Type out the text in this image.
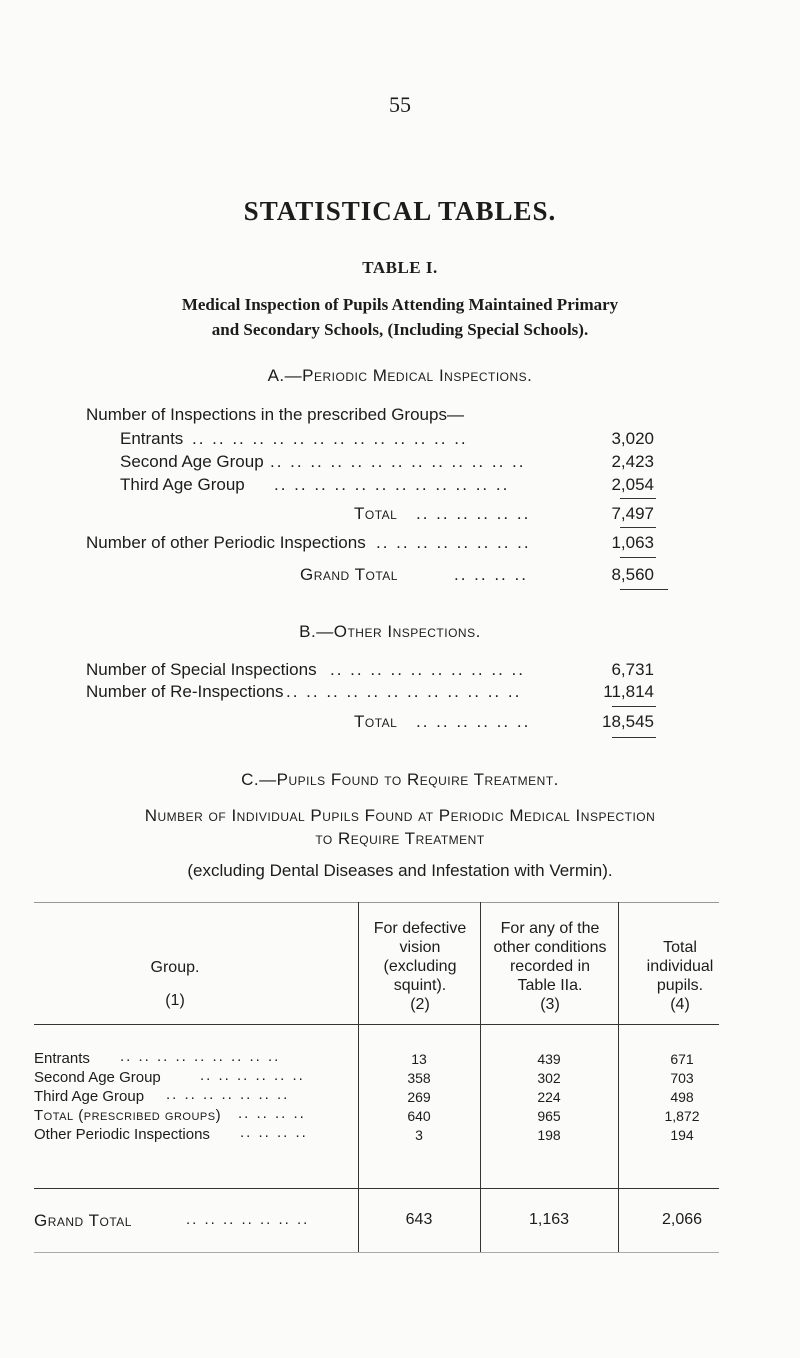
55
STATISTICAL TABLES.
TABLE I.
Medical Inspection of Pupils Attending Maintained Primary
and Secondary Schools, (Including Special Schools).
A.—Periodic Medical Inspections.
Number of Inspections in the prescribed Groups—
Entrants .. .. .. .. .. .. .. .. .. .. .. .. .. ..	3,020
Second Age Group .. .. .. .. .. .. .. .. .. .. .. .. ..	2,423
Third Age Group .. .. .. .. .. .. .. .. .. .. .. ..	2,054
Total .. .. .. .. .. ..	7,497
Number of other Periodic Inspections .. .. .. .. .. .. .. ..	1,063
Grand Total	.. .. .. ..	8,560
B.—Other Inspections.
Number of Special Inspections .. .. .. .. .. .. .. .. .. ..	6,731
Number of Re-Inspections .. .. .. .. .. .. .. .. .. .. .. ..	11,814
Total .. .. .. .. .. ..	18,545
C.—Pupils Found to Require Treatment.
Number of Individual Pupils Found at Periodic Medical Inspection
to Require Treatment
(excluding Dental Diseases and Infestation with Vermin).
Group.
(1)
For defective
vision
(excluding
squint).
(2)
For any of the
other conditions
recorded in
Table IIa.
(3)
Total
individual
pupils.
(4)
Entrants .. .. .. .. .. .. .. .. ..	13	439	671
Second Age Group	.. .. .. .. .. ..	358	302	703
Third Age Group .. .. .. .. .. .. ..	269	224	498
Total (prescribed groups) .. .. .. ..	640	965	1,872
Other Periodic Inspections .. .. .. ..	3	198	194
Grand Total	.. .. .. .. .. .. ..	643	1,163	2,066
